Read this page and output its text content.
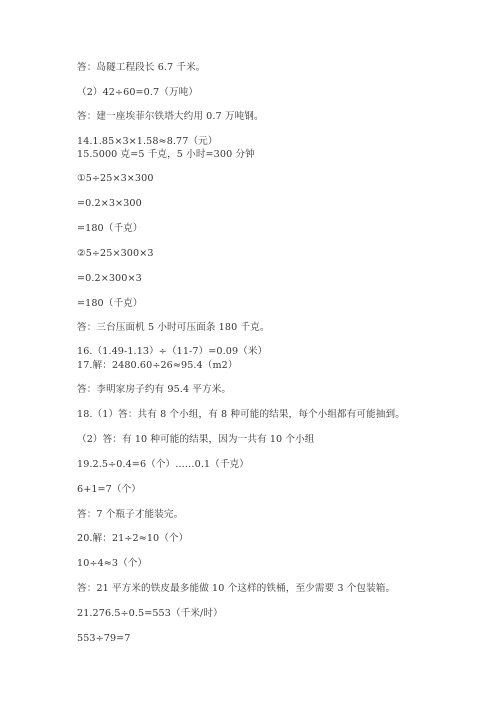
答：岛隧工程段长 6.7 千米。
（2）42÷60=0.7（万吨）
答：建一座埃菲尔铁塔大约用 0.7 万吨钢。
14.1.85×3×1.58≈8.77（元）
15.5000 克=5 千克，5 小时=300 分钟
①5÷25×3×300
=0.2×3×300
=180（千克）
②5÷25×300×3
=0.2×300×3
=180（千克）
答：三台压面机 5 小时可压面条 180 千克。
16.（1.49-1.13）÷（11-7）=0.09（米）
17.解：2480.60÷26≈95.4（m2）
答：李明家房子约有 95.4 平方米。
18.（1）答：共有 8 个小组，有 8 种可能的结果，每个小组都有可能抽到。
（2）答：有 10 种可能的结果，因为一共有 10 个小组
19.2.5÷0.4=6（个）……0.1（千克）
6+1=7（个）
答：7 个瓶子才能装完。
20.解：21÷2≈10（个）
10÷4≈3（个）
答：21 平方米的铁皮最多能做 10 个这样的铁桶，至少需要 3 个包装箱。
21.276.5÷0.5=553（千米/时）
553÷79=7
